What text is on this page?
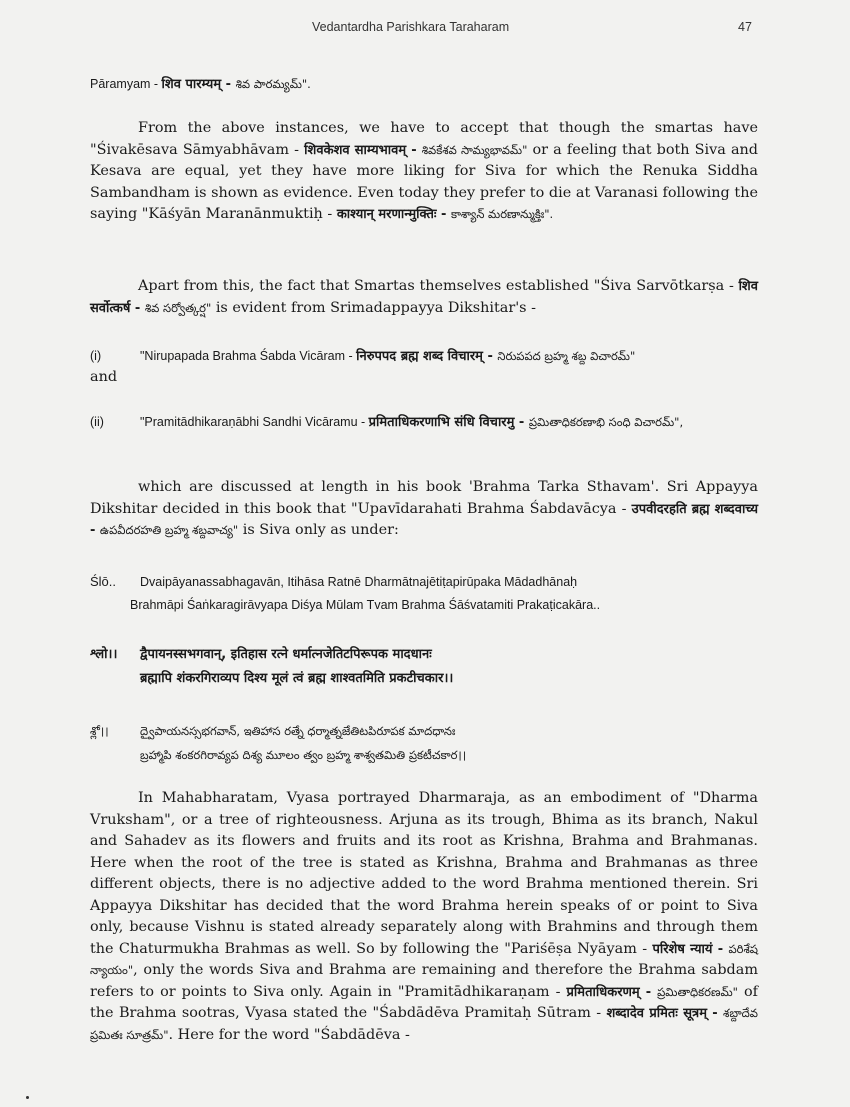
Vedantardha Parishkara Taraharam	47
Pāramyam - शिव पारम्यम् - శివ పారమ్యమ్".
From the above instances, we have to accept that though the smartas have "Śivakēsava Sāmyabhāvam - शिवकेशव साम्यभावम् - శివకేశవ సామ్యభావమ్" or a feeling that both Siva and Kesava are equal, yet they have more liking for Siva for which the Renuka Siddha Sambandham is shown as evidence. Even today they prefer to die at Varanasi following the saying "Kāśyān Maranānmuktiḥ - काश्यान् मरणान्मुक्तिः - కాశ్యాన్ మరణాన్ముక్తిః".
Apart from this, the fact that Smartas themselves established "Śiva Sarvōtkarṣa - शिव सर्वोत्कर्ष - శివ సర్వోత్కర్ష" is evident from Srimadappayya Dikshitar's -
(i)	"Nirupapada Brahma Śabda Vicāram - निरुपपद ब्रह्म शब्द विचारम् - నిరుపపద బ్రహ్మ శబ్ద విచారమ్"
and
(ii)	"Pramitādhikaraṇābhi Sandhi Vicāramu - प्रमिताधिकरणाभि संधि विचारमु - ప్రమితాధికరణాభి సంధి విచారమ్",
which are discussed at length in his book 'Brahma Tarka Sthavam'. Sri Appayya Dikshitar decided in this book that "Upavīdarahati Brahma Śabdavācya - उपवीदरहति ब्रह्म शब्दवाच्य - ఉపవీదరహతి బ్రహ్మ శబ్దవాచ్య" is Siva only as under:
Ślō.. Dvaipāyanassabhagavān, Itihāsa Ratnē Dharmātnajētiṭapirūpaka Mādadhānaḥ
Brahmāpi Śaṅkaragirāvyapa Diśya Mūlam Tvam Brahma Śāśvatamiti Prakaṭicakāra..
श्लो।। द्वैपायनस्सभगवान्, इतिहास रत्ने धर्मात्नजेतिटपिरूपक मादधानः
ब्रह्मापि शंकरगिराव्यप दिश्य मूलं त्वं ब्रह्म शाश्वतमिति प्रकटीचकार।।
శ్లో।।	ద్వైపాయనస్సభగవాన్, ఇతిహాస రత్నే ధర్మాత్నజేతిటపిరూపక మాదధానః
బ్రహ్మాపి శంకరగిరావ్యప దిశ్య మూలం త్వం బ్రహ్మ శాశ్వతమితి ప్రకటీచకార।।
In Mahabharatam, Vyasa portrayed Dharmaraja, as an embodiment of "Dharma Vruksham", or a tree of righteousness. Arjuna as its trough, Bhima as its branch, Nakul and Sahadev as its flowers and fruits and its root as Krishna, Brahma and Brahmanas. Here when the root of the tree is stated as Krishna, Brahma and Brahmanas as three different objects, there is no adjective added to the word Brahma mentioned therein. Sri Appayya Dikshitar has decided that the word Brahma herein speaks of or point to Siva only, because Vishnu is stated already separately along with Brahmins and through them the Chaturmukha Brahmas as well. So by following the "Pariśēṣa Nyāyam - परिशेष न्यायं - పరిశేష న్యాయం", only the words Siva and Brahma are remaining and therefore the Brahma sabdam refers to or points to Siva only. Again in "Pramitādhikaraṇam - प्रमिताधिकरणम् - ప్రమితాధికరణమ్" of the Brahma sootras, Vyasa stated the "Śabdādēva Pramitaḥ Sūtram - शब्दादेव प्रमितः सूत्रम् - శబ్దాదేవ ప్రమితః సూత్రమ్". Here for the word "Śabdādēva -
